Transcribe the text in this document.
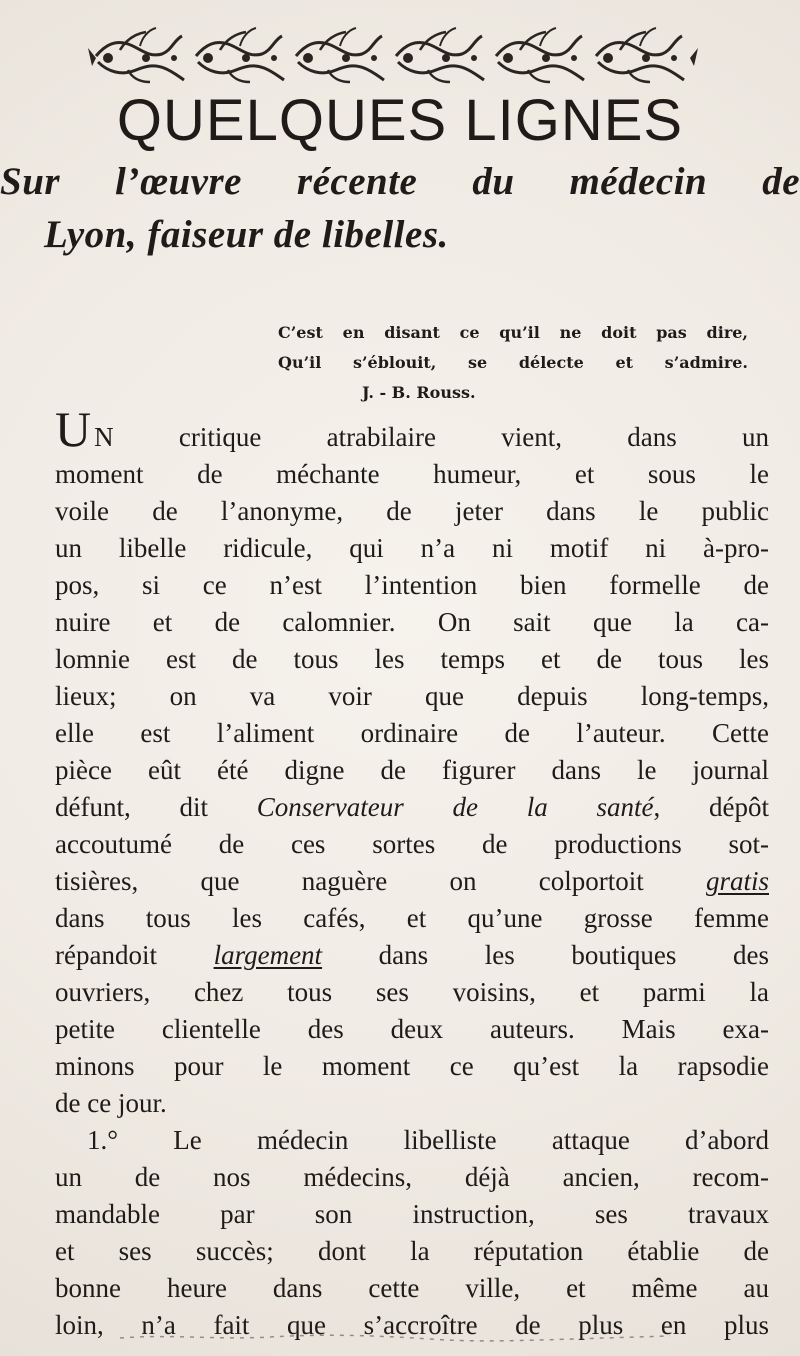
QUELQUES LIGNES
Sur l’œuvre récente du médecin de
Lyon, faiseur de libelles.
C’est en disant ce qu’il ne doit pas dire,
Qu’il s’éblouit, se délecte et s’admire.
J. - B. Rouss.
U N critique atrabilaire vient, dans un
moment de méchante humeur, et sous le
voile de l’anonyme, de jeter dans le public
un libelle ridicule, qui n’a ni motif ni à-pro-
pos, si ce n’est l’intention bien formelle de
nuire et de calomnier. On sait que la ca-
lomnie est de tous les temps et de tous les
lieux; on va voir que depuis long-temps,
elle est l’aliment ordinaire de l’auteur. Cette
pièce eût été digne de figurer dans le journal
défunt, dit Conservateur de la santé, dépôt
accoutumé de ces sortes de productions sot-
tisières, que naguère on colportoit gratis
dans tous les cafés, et qu’une grosse femme
répandoit largement dans les boutiques des
ouvriers, chez tous ses voisins, et parmi la
petite clientelle des deux auteurs. Mais exa-
minons pour le moment ce qu’est la rapsodie
de ce jour.
1.° Le médecin libelliste attaque d’abord
un de nos médecins, déjà ancien, recom-
mandable par son instruction, ses travaux
et ses succès; dont la réputation établie de
bonne heure dans cette ville, et même au
loin, n’a fait que s’accroître de plus en plus
